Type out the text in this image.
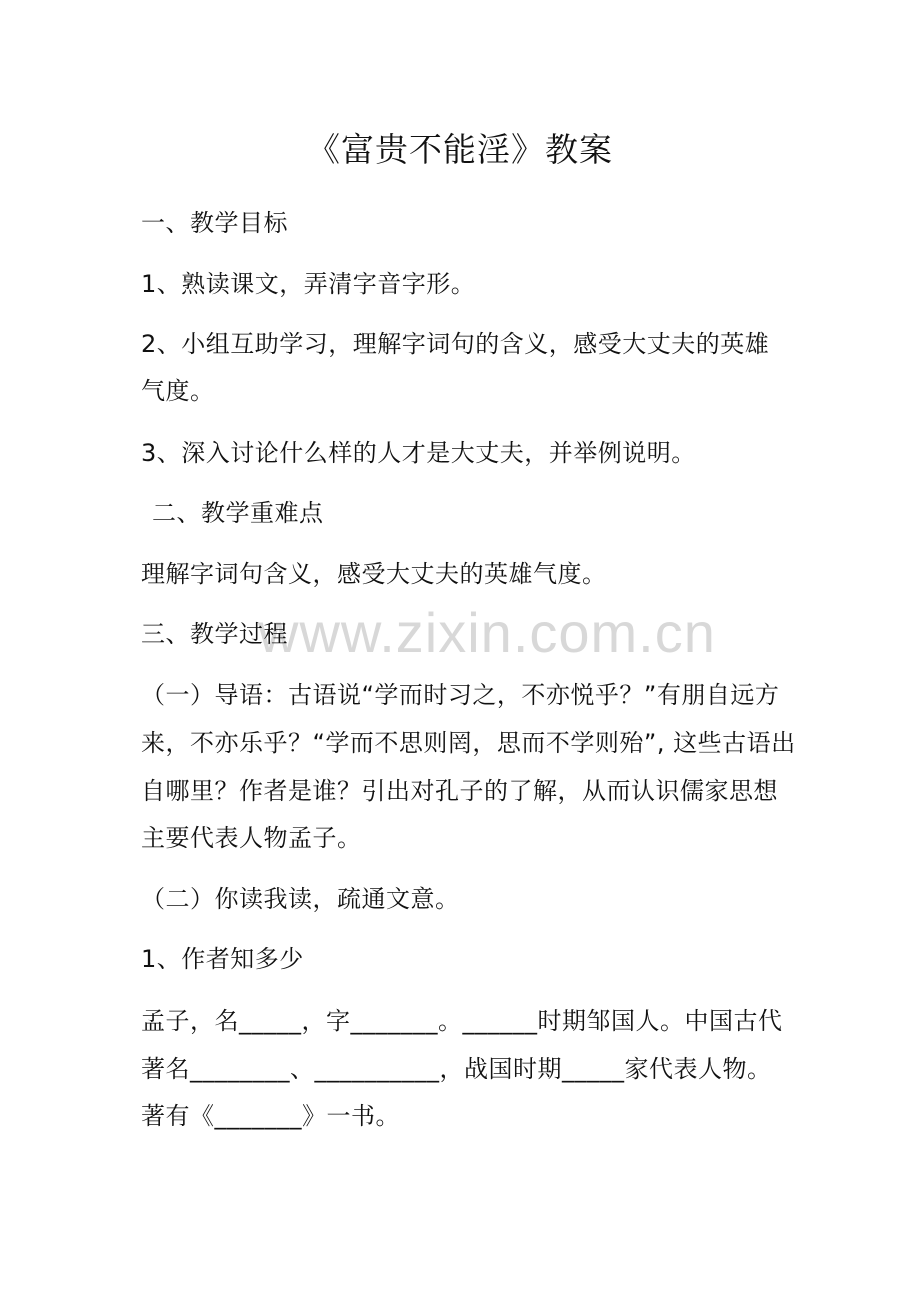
《富贵不能淫》教案
www.zixin.com.cn

一、教学目标

1、熟读课文，弄清字音字形。

2、小组互助学习，理解字词句的含义，感受大丈夫的英雄

气度。

3、深入讨论什么样的人才是大丈夫，并举例说明。

二、教学重难点

理解字词句含义，感受大丈夫的英雄气度。

三、教学过程

（一）导语：古语说“学而时习之，不亦悦乎？”有朋自远方

来，不亦乐乎？“学而不思则罔，思而不学则殆”, 这些古语出

自哪里？作者是谁？引出对孔子的了解，从而认识儒家思想

主要代表人物孟子。

（二）你读我读，疏通文意。

1、作者知多少

孟子，名_____，字_______。______时期邹国人。中国古代

著名________、__________，战国时期_____家代表人物。

著有《_______》一书。
